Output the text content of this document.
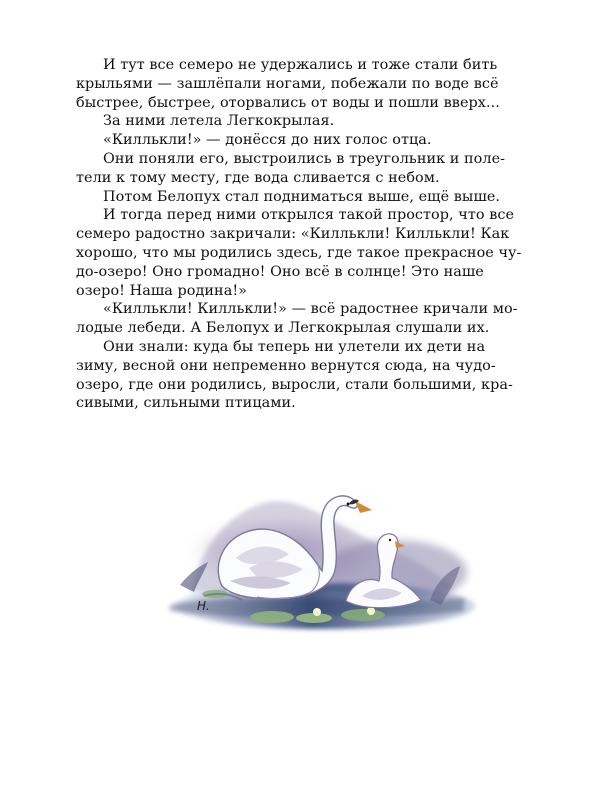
И тут все семеро не удержались и тоже стали бить
крыльями — зашлёпали ногами, побежали по воде всё
быстрее, быстрее, оторвались от воды и пошли вверх...

За ними летела Легкокрылая.

«Киллькли!» — донёсся до них голос отца.

Они поняли его, выстроились в треугольник и поле-
тели к тому месту, где вода сливается с небом.

Потом Белопух стал подниматься выше, ещё выше.

И тогда перед ними открылся такой простор, что все
семеро радостно закричали: «Киллькли! Киллькли! Как
хорошо, что мы родились здесь, где такое прекрасное чу-
до-озеро! Оно громадно! Оно всё в солнце! Это наше
озеро! Наша родина!»

«Киллькли! Киллькли!» — всё радостнее кричали мо-
лодые лебеди. А Белопух и Легкокрылая слушали их.

Они знали: куда бы теперь ни улетели их дети на
зиму, весной они непременно вернутся сюда, на чудо-
озеро, где они родились, выросли, стали большими, кра-
сивыми, сильными птицами.

Н.
